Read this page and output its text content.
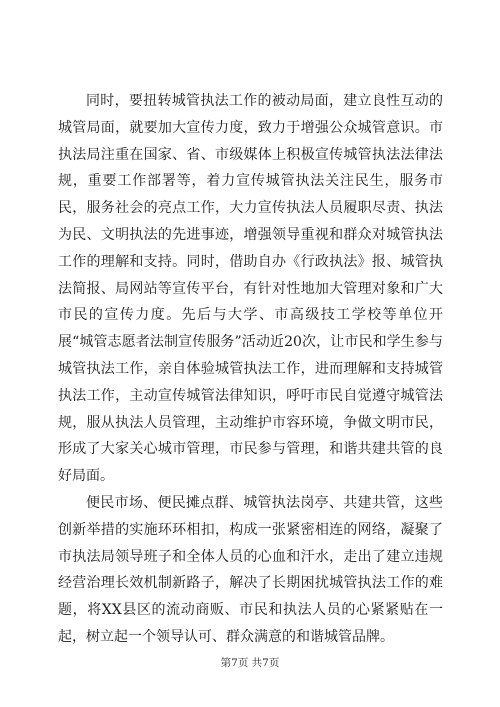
同时，要扭转城管执法工作的被动局面，建立良性互动的城管局面，就要加大宣传力度，致力于增强公众城管意识。市执法局注重在国家、省、市级媒体上积极宣传城管执法法律法规，重要工作部署等，着力宣传城管执法关注民生，服务市民，服务社会的亮点工作，大力宣传执法人员履职尽责、执法为民、文明执法的先进事迹，增强领导重视和群众对城管执法工作的理解和支持。同时，借助自办《行政执法》报、城管执法简报、局网站等宣传平台，有针对性地加大管理对象和广大市民的宣传力度。先后与大学、市高级技工学校等单位开展“城管志愿者法制宣传服务”活动近20次，让市民和学生参与城管执法工作，亲自体验城管执法工作，进而理解和支持城管执法工作，主动宣传城管法律知识，呼吁市民自觉遵守城管法规，服从执法人员管理，主动维护市容环境，争做文明市民，形成了大家关心城市管理，市民参与管理，和谐共建共管的良好局面。

便民市场、便民摊点群、城管执法岗亭、共建共管，这些创新举措的实施环环相扣，构成一张紧密相连的网络，凝聚了市执法局领导班子和全体人员的心血和汗水，走出了建立违规经营治理长效机制新路子，解决了长期困扰城管执法工作的难题，将XX县区的流动商贩、市民和执法人员的心紧紧贴在一起，树立起一个领导认可、群众满意的和谐城管品牌。

第7页 共7页
